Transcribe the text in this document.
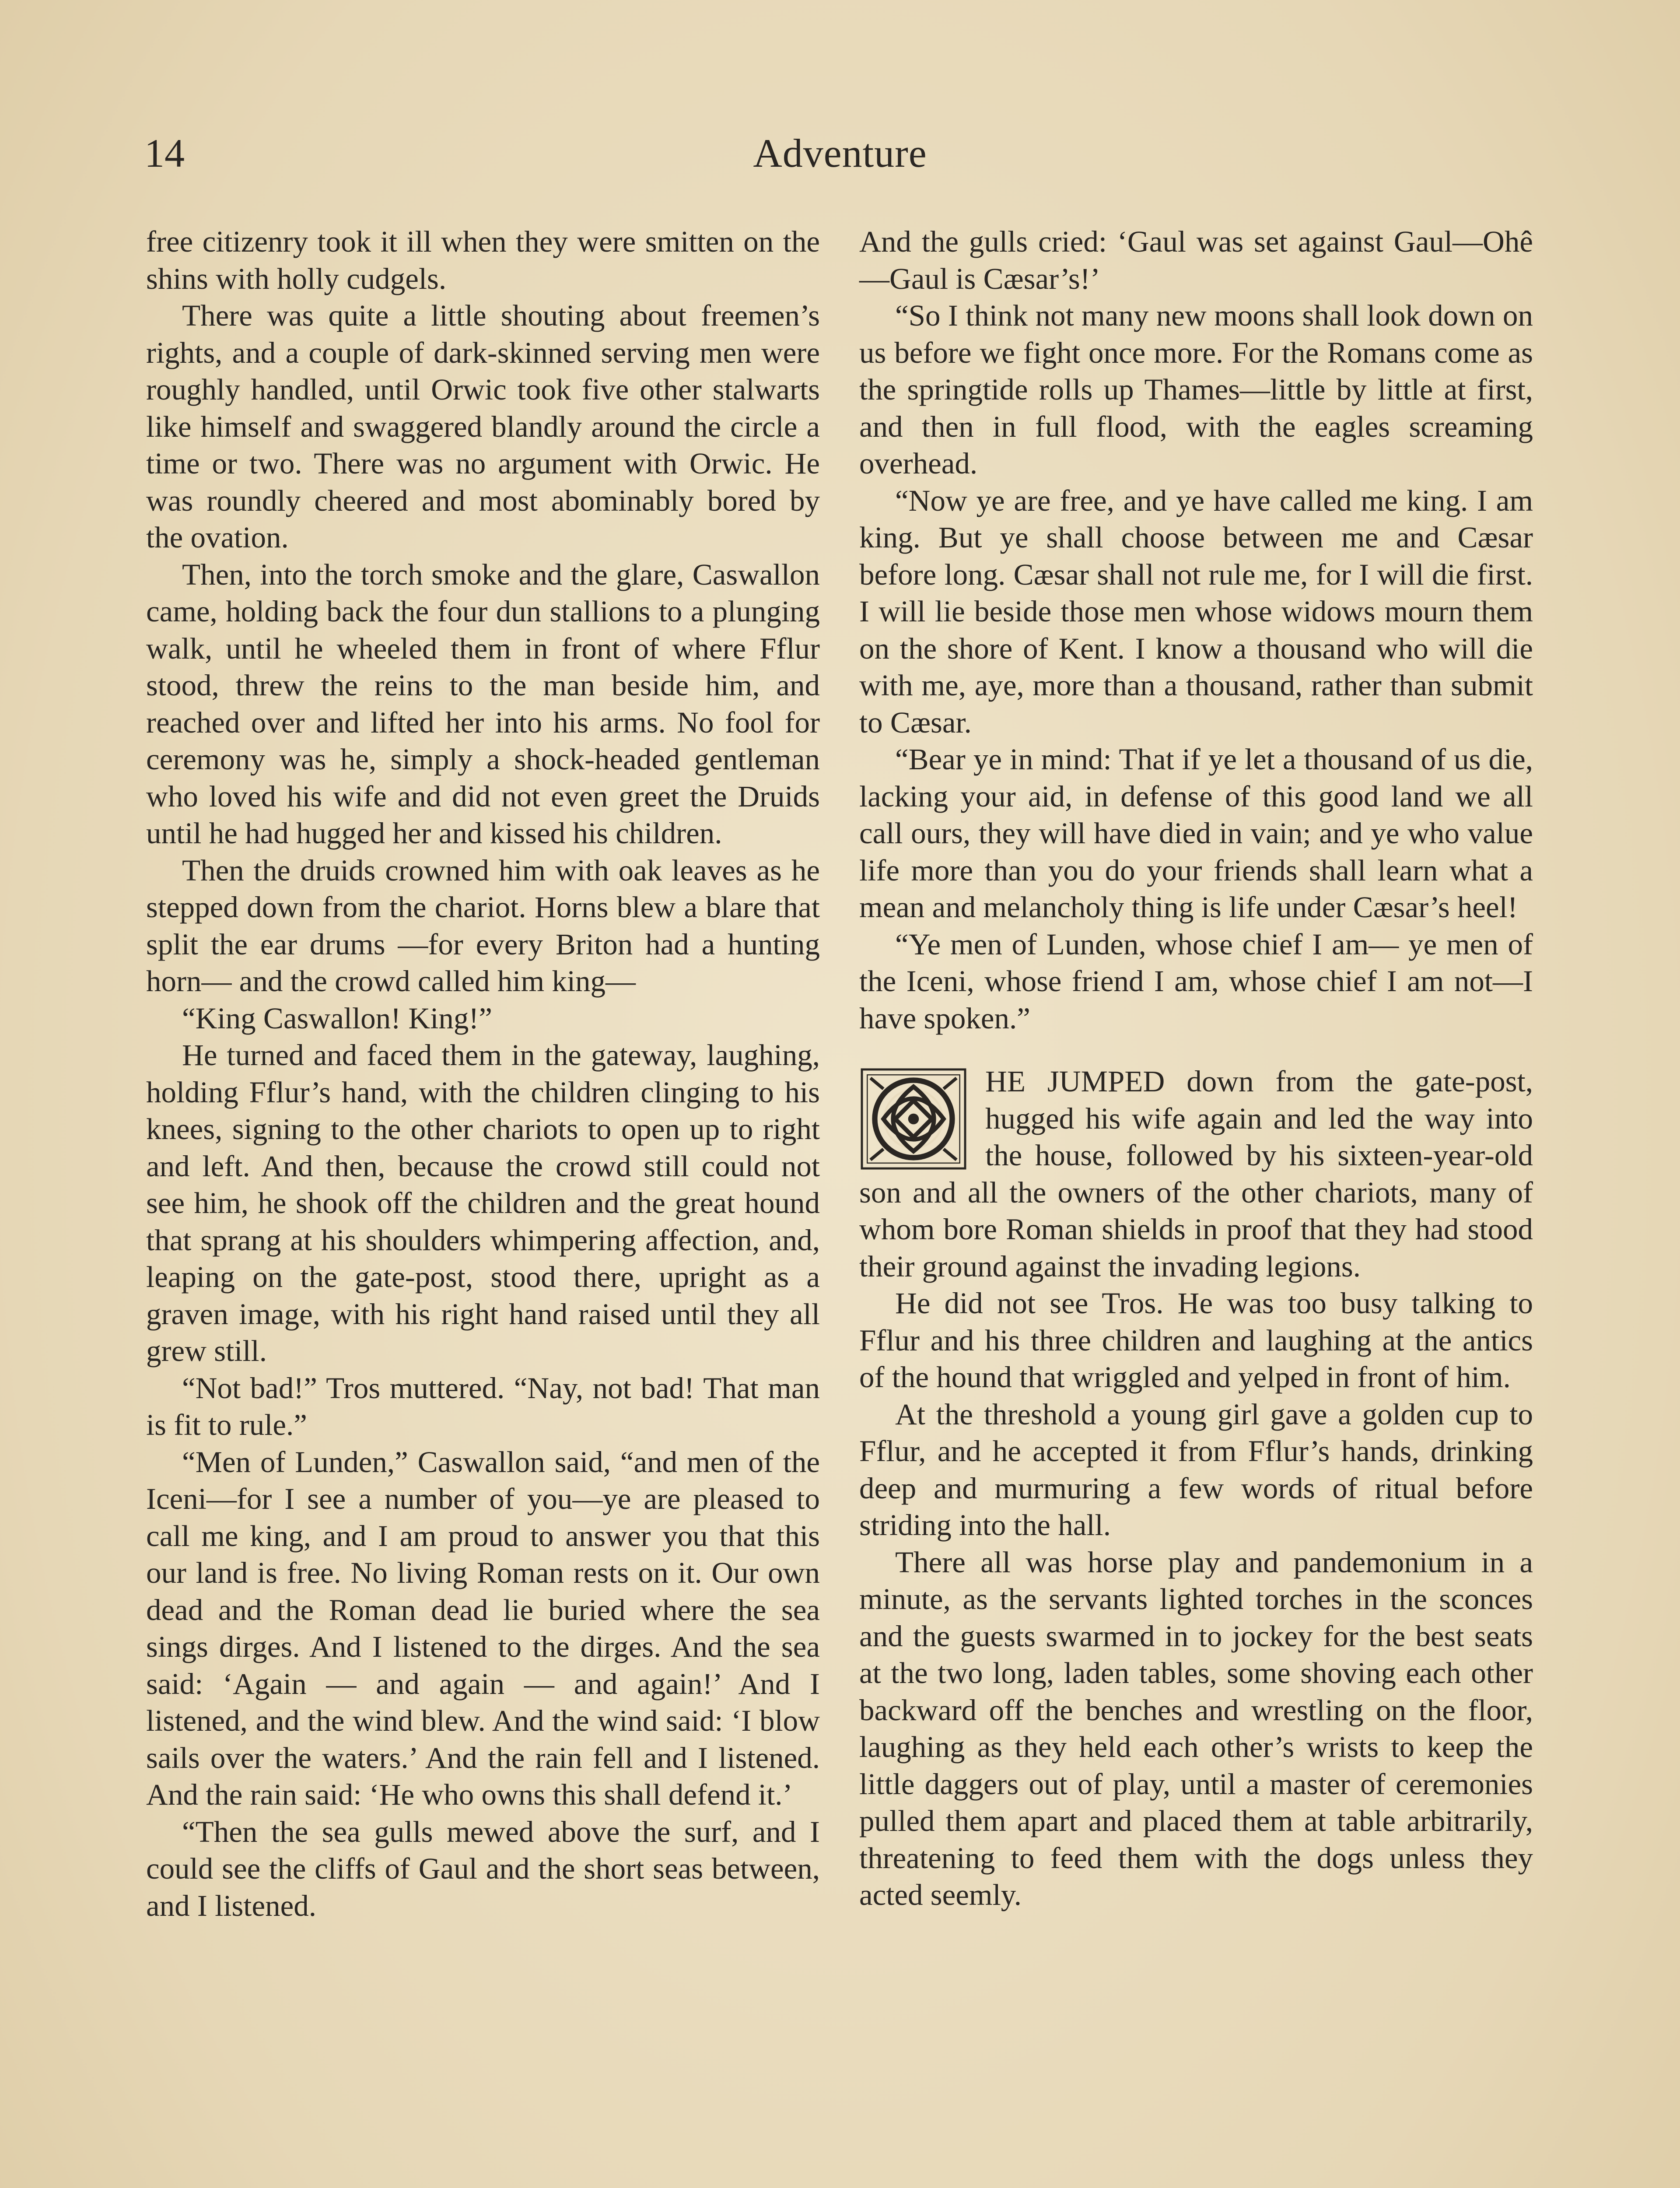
14	Adventure

free citizenry took it ill when they were smitten on the shins with holly cudgels.

There was quite a little shouting about freemen’s rights, and a couple of dark-skinned serving men were roughly handled, until Orwic took five other stalwarts like himself and swaggered blandly around the circle a time or two. There was no argument with Orwic. He was roundly cheered and most abominably bored by the ovation.

Then, into the torch smoke and the glare, Caswallon came, holding back the four dun stallions to a plunging walk, until he wheeled them in front of where Fflur stood, threw the reins to the man beside him, and reached over and lifted her into his arms. No fool for ceremony was he, simply a shock-headed gentleman who loved his wife and did not even greet the Druids until he had hugged her and kissed his children.

Then the druids crowned him with oak leaves as he stepped down from the chariot. Horns blew a blare that split the ear drums —for every Briton had a hunting horn— and the crowd called him king—

“King Caswallon! King!”

He turned and faced them in the gateway, laughing, holding Fflur’s hand, with the children clinging to his knees, signing to the other chariots to open up to right and left. And then, because the crowd still could not see him, he shook off the children and the great hound that sprang at his shoulders whimpering affection, and, leaping on the gate-post, stood there, upright as a graven image, with his right hand raised until they all grew still.

“Not bad!” Tros muttered. “Nay, not bad! That man is fit to rule.”

“Men of Lunden,” Caswallon said, “and men of the Iceni—for I see a number of you—ye are pleased to call me king, and I am proud to answer you that this our land is free. No living Roman rests on it. Our own dead and the Roman dead lie buried where the sea sings dirges. And I listened to the dirges. And the sea said: ‘Again — and again — and again!’ And I listened, and the wind blew. And the wind said: ‘I blow sails over the waters.’ And the rain fell and I listened. And the rain said: ‘He who owns this shall defend it.’

“Then the sea gulls mewed above the surf, and I could see the cliffs of Gaul and the short seas between, and I listened.

And the gulls cried: ‘Gaul was set against Gaul—Ohê—Gaul is Cæsar’s!’

“So I think not many new moons shall look down on us before we fight once more. For the Romans come as the springtide rolls up Thames—little by little at first, and then in full flood, with the eagles screaming overhead.

“Now ye are free, and ye have called me king. I am king. But ye shall choose between me and Cæsar before long. Cæsar shall not rule me, for I will die first. I will lie beside those men whose widows mourn them on the shore of Kent. I know a thousand who will die with me, aye, more than a thousand, rather than submit to Cæsar.

“Bear ye in mind: That if ye let a thousand of us die, lacking your aid, in defense of this good land we all call ours, they will have died in vain; and ye who value life more than you do your friends shall learn what a mean and melancholy thing is life under Cæsar’s heel!

“Ye men of Lunden, whose chief I am— ye men of the Iceni, whose friend I am, whose chief I am not—I have spoken.”

HE JUMPED down from the gate-post, hugged his wife again and led the way into the house, followed by his sixteen-year-old son and all the owners of the other chariots, many of whom bore Roman shields in proof that they had stood their ground against the invading legions.

He did not see Tros. He was too busy talking to Fflur and his three children and laughing at the antics of the hound that wriggled and yelped in front of him.

At the threshold a young girl gave a golden cup to Fflur, and he accepted it from Fflur’s hands, drinking deep and murmuring a few words of ritual before striding into the hall.

There all was horse play and pandemonium in a minute, as the servants lighted torches in the sconces and the guests swarmed in to jockey for the best seats at the two long, laden tables, some shoving each other backward off the benches and wrestling on the floor, laughing as they held each other’s wrists to keep the little daggers out of play, until a master of ceremonies pulled them apart and placed them at table arbitrarily, threatening to feed them with the dogs unless they acted seemly.
